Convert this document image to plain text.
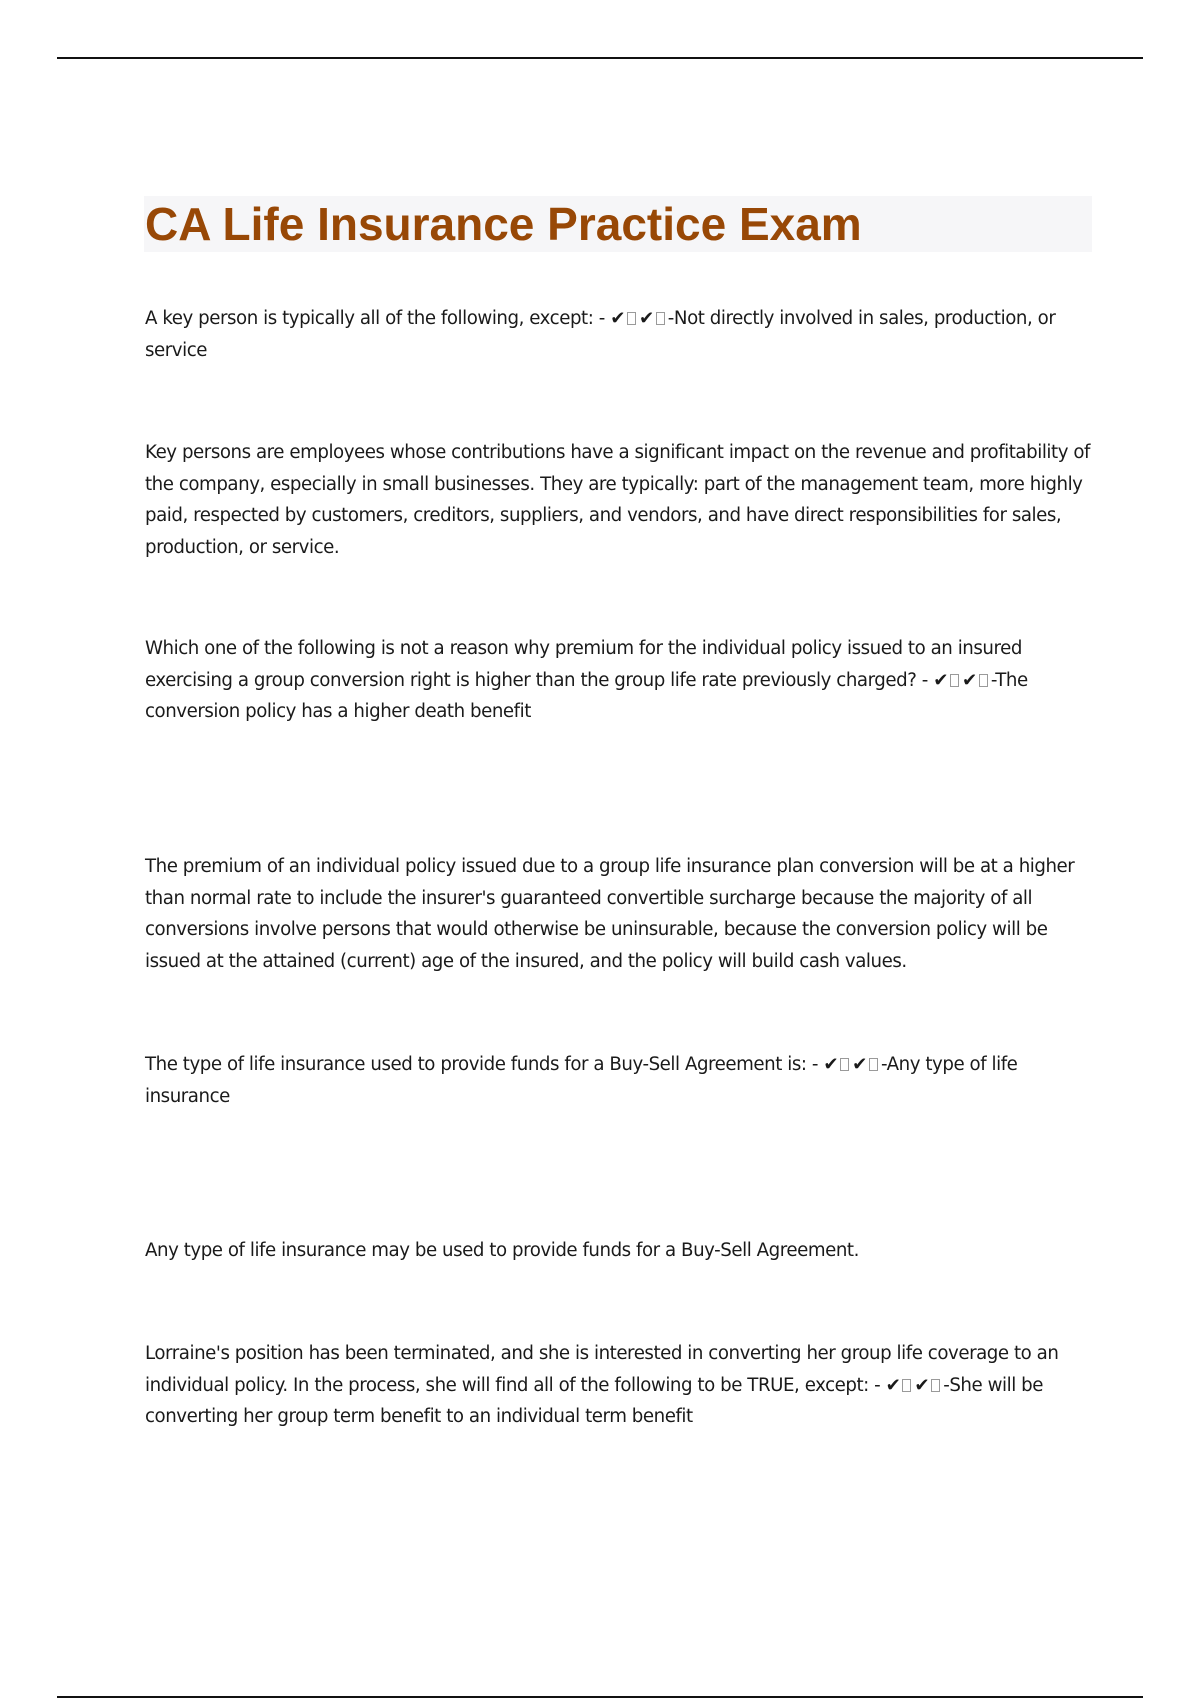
CA Life Insurance Practice Exam

A key person is typically all of the following, except: - ✔ ✔ -Not directly involved in sales, production, or service

Key persons are employees whose contributions have a significant impact on the revenue and profitability of the company, especially in small businesses. They are typically: part of the management team, more highly paid, respected by customers, creditors, suppliers, and vendors, and have direct responsibilities for sales, production, or service.

Which one of the following is not a reason why premium for the individual policy issued to an insured exercising a group conversion right is higher than the group life rate previously charged? - ✔ ✔ -The conversion policy has a higher death benefit

The premium of an individual policy issued due to a group life insurance plan conversion will be at a higher than normal rate to include the insurer's guaranteed convertible surcharge because the majority of all conversions involve persons that would otherwise be uninsurable, because the conversion policy will be issued at the attained (current) age of the insured, and the policy will build cash values.

The type of life insurance used to provide funds for a Buy-Sell Agreement is: - ✔ ✔ -Any type of life insurance

Any type of life insurance may be used to provide funds for a Buy-Sell Agreement.

Lorraine's position has been terminated, and she is interested in converting her group life coverage to an individual policy. In the process, she will find all of the following to be TRUE, except: - ✔ ✔ -She will be converting her group term benefit to an individual term benefit
